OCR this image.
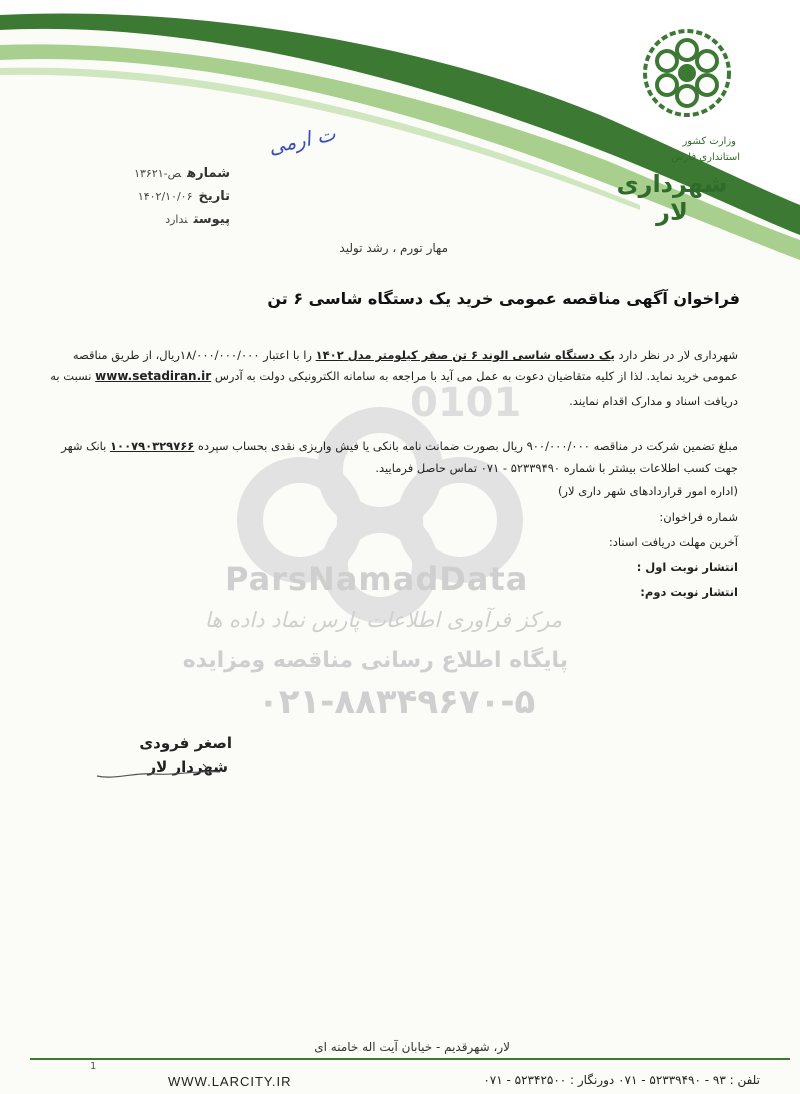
وزارت کشور
استانداری فارس
شهرداری لار
ت ارمی
شمارهص-۱۳۶۲۱
تاریخ۱۴۰۲/۱۰/۰۶
پیوستندارد
مهار تورم ، رشد تولید
0101
ParsNamadData
مرکز فرآوری اطلاعات پارس نماد داده ها
پایگاه اطلاع رسانی مناقصه ومزایده
۰۲۱-۸۸۳۴۹۶۷۰-۵
فراخوان آگهی مناقصه عمومی خرید یک دستگاه شاسی ۶ تن
شهرداری لار در نظر دارد یک دستگاه شاسی الوند ۶ تن صفر کیلومتر مدل ۱۴۰۲ را با اعتبار ۱۸/۰۰۰/۰۰۰/۰۰۰ریال، از طریق مناقصه
عمومی خرید نماید. لذا از کلیه متقاضیان دعوت به عمل می آید با مراجعه به سامانه الکترونیکی دولت به آدرس www.setadiran.ir نسبت به
دریافت اسناد و مدارک اقدام نمایند.
مبلغ تضمین شرکت در مناقصه ۹۰۰/۰۰۰/۰۰۰ ریال بصورت ضمانت نامه بانکی یا فیش واریزی نقدی بحساب سپرده ۱۰۰۷۹۰۳۲۹۷۶۶ بانک شهر
جهت کسب اطلاعات بیشتر با شماره ۵۲۳۳۹۴۹۰ - ۰۷۱ تماس حاصل فرمایید.
(اداره امور قراردادهای شهر داری لار)
شماره فراخوان:
آخرین مهلت دریافت اسناد:
انتشار نوبت اول :
انتشار نوبت دوم:
اصغر فرودی
شهردار لار
لار، شهرقدیم - خیابان آیت اله خامنه ای
1
WWW.LARCITY.IR	تلفن : ۹۳ - ۵۲۳۳۹۴۹۰ - ۰۷۱ دورنگار : ۵۲۳۴۲۵۰۰ - ۰۷۱
